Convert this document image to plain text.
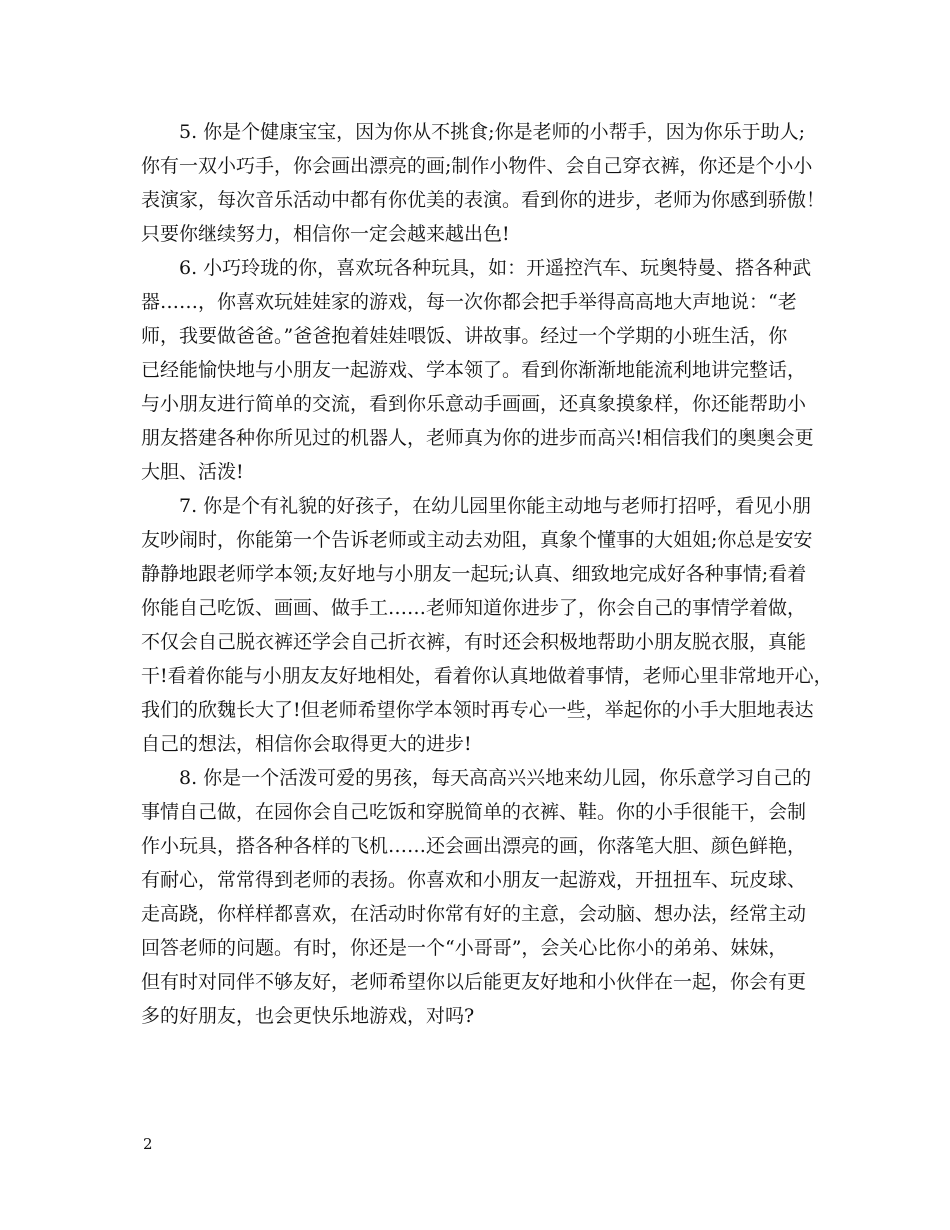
5. 你是个健康宝宝，因为你从不挑食;你是老师的小帮手，因为你乐于助人;
你有一双小巧手，你会画出漂亮的画;制作小物件、会自己穿衣裤，你还是个小小
表演家，每次音乐活动中都有你优美的表演。看到你的进步，老师为你感到骄傲！
只要你继续努力，相信你一定会越来越出色!
6. 小巧玲珑的你，喜欢玩各种玩具，如：开遥控汽车、玩奥特曼、搭各种武
器……，你喜欢玩娃娃家的游戏，每一次你都会把手举得高高地大声地说：“老
师，我要做爸爸。”爸爸抱着娃娃喂饭、讲故事。经过一个学期的小班生活，你
已经能愉快地与小朋友一起游戏、学本领了。看到你渐渐地能流利地讲完整话，
与小朋友进行简单的交流，看到你乐意动手画画，还真象摸象样，你还能帮助小
朋友搭建各种你所见过的机器人，老师真为你的进步而高兴!相信我们的奥奥会更
大胆、活泼!
7. 你是个有礼貌的好孩子，在幼儿园里你能主动地与老师打招呼，看见小朋
友吵闹时，你能第一个告诉老师或主动去劝阻，真象个懂事的大姐姐;你总是安安
静静地跟老师学本领;友好地与小朋友一起玩;认真、细致地完成好各种事情;看着
你能自己吃饭、画画、做手工……老师知道你进步了，你会自己的事情学着做，
不仅会自己脱衣裤还学会自己折衣裤，有时还会积极地帮助小朋友脱衣服，真能
干!看着你能与小朋友友好地相处，看着你认真地做着事情，老师心里非常地开心，
我们的欣魏长大了!但老师希望你学本领时再专心一些，举起你的小手大胆地表达
自己的想法，相信你会取得更大的进步!
8. 你是一个活泼可爱的男孩，每天高高兴兴地来幼儿园，你乐意学习自己的
事情自己做，在园你会自己吃饭和穿脱简单的衣裤、鞋。你的小手很能干，会制
作小玩具，搭各种各样的飞机……还会画出漂亮的画，你落笔大胆、颜色鲜艳，
有耐心，常常得到老师的表扬。你喜欢和小朋友一起游戏，开扭扭车、玩皮球、
走高跷，你样样都喜欢，在活动时你常有好的主意，会动脑、想办法，经常主动
回答老师的问题。有时，你还是一个“小哥哥”，会关心比你小的弟弟、妹妹，
但有时对同伴不够友好，老师希望你以后能更友好地和小伙伴在一起，你会有更
多的好朋友，也会更快乐地游戏，对吗?
2
